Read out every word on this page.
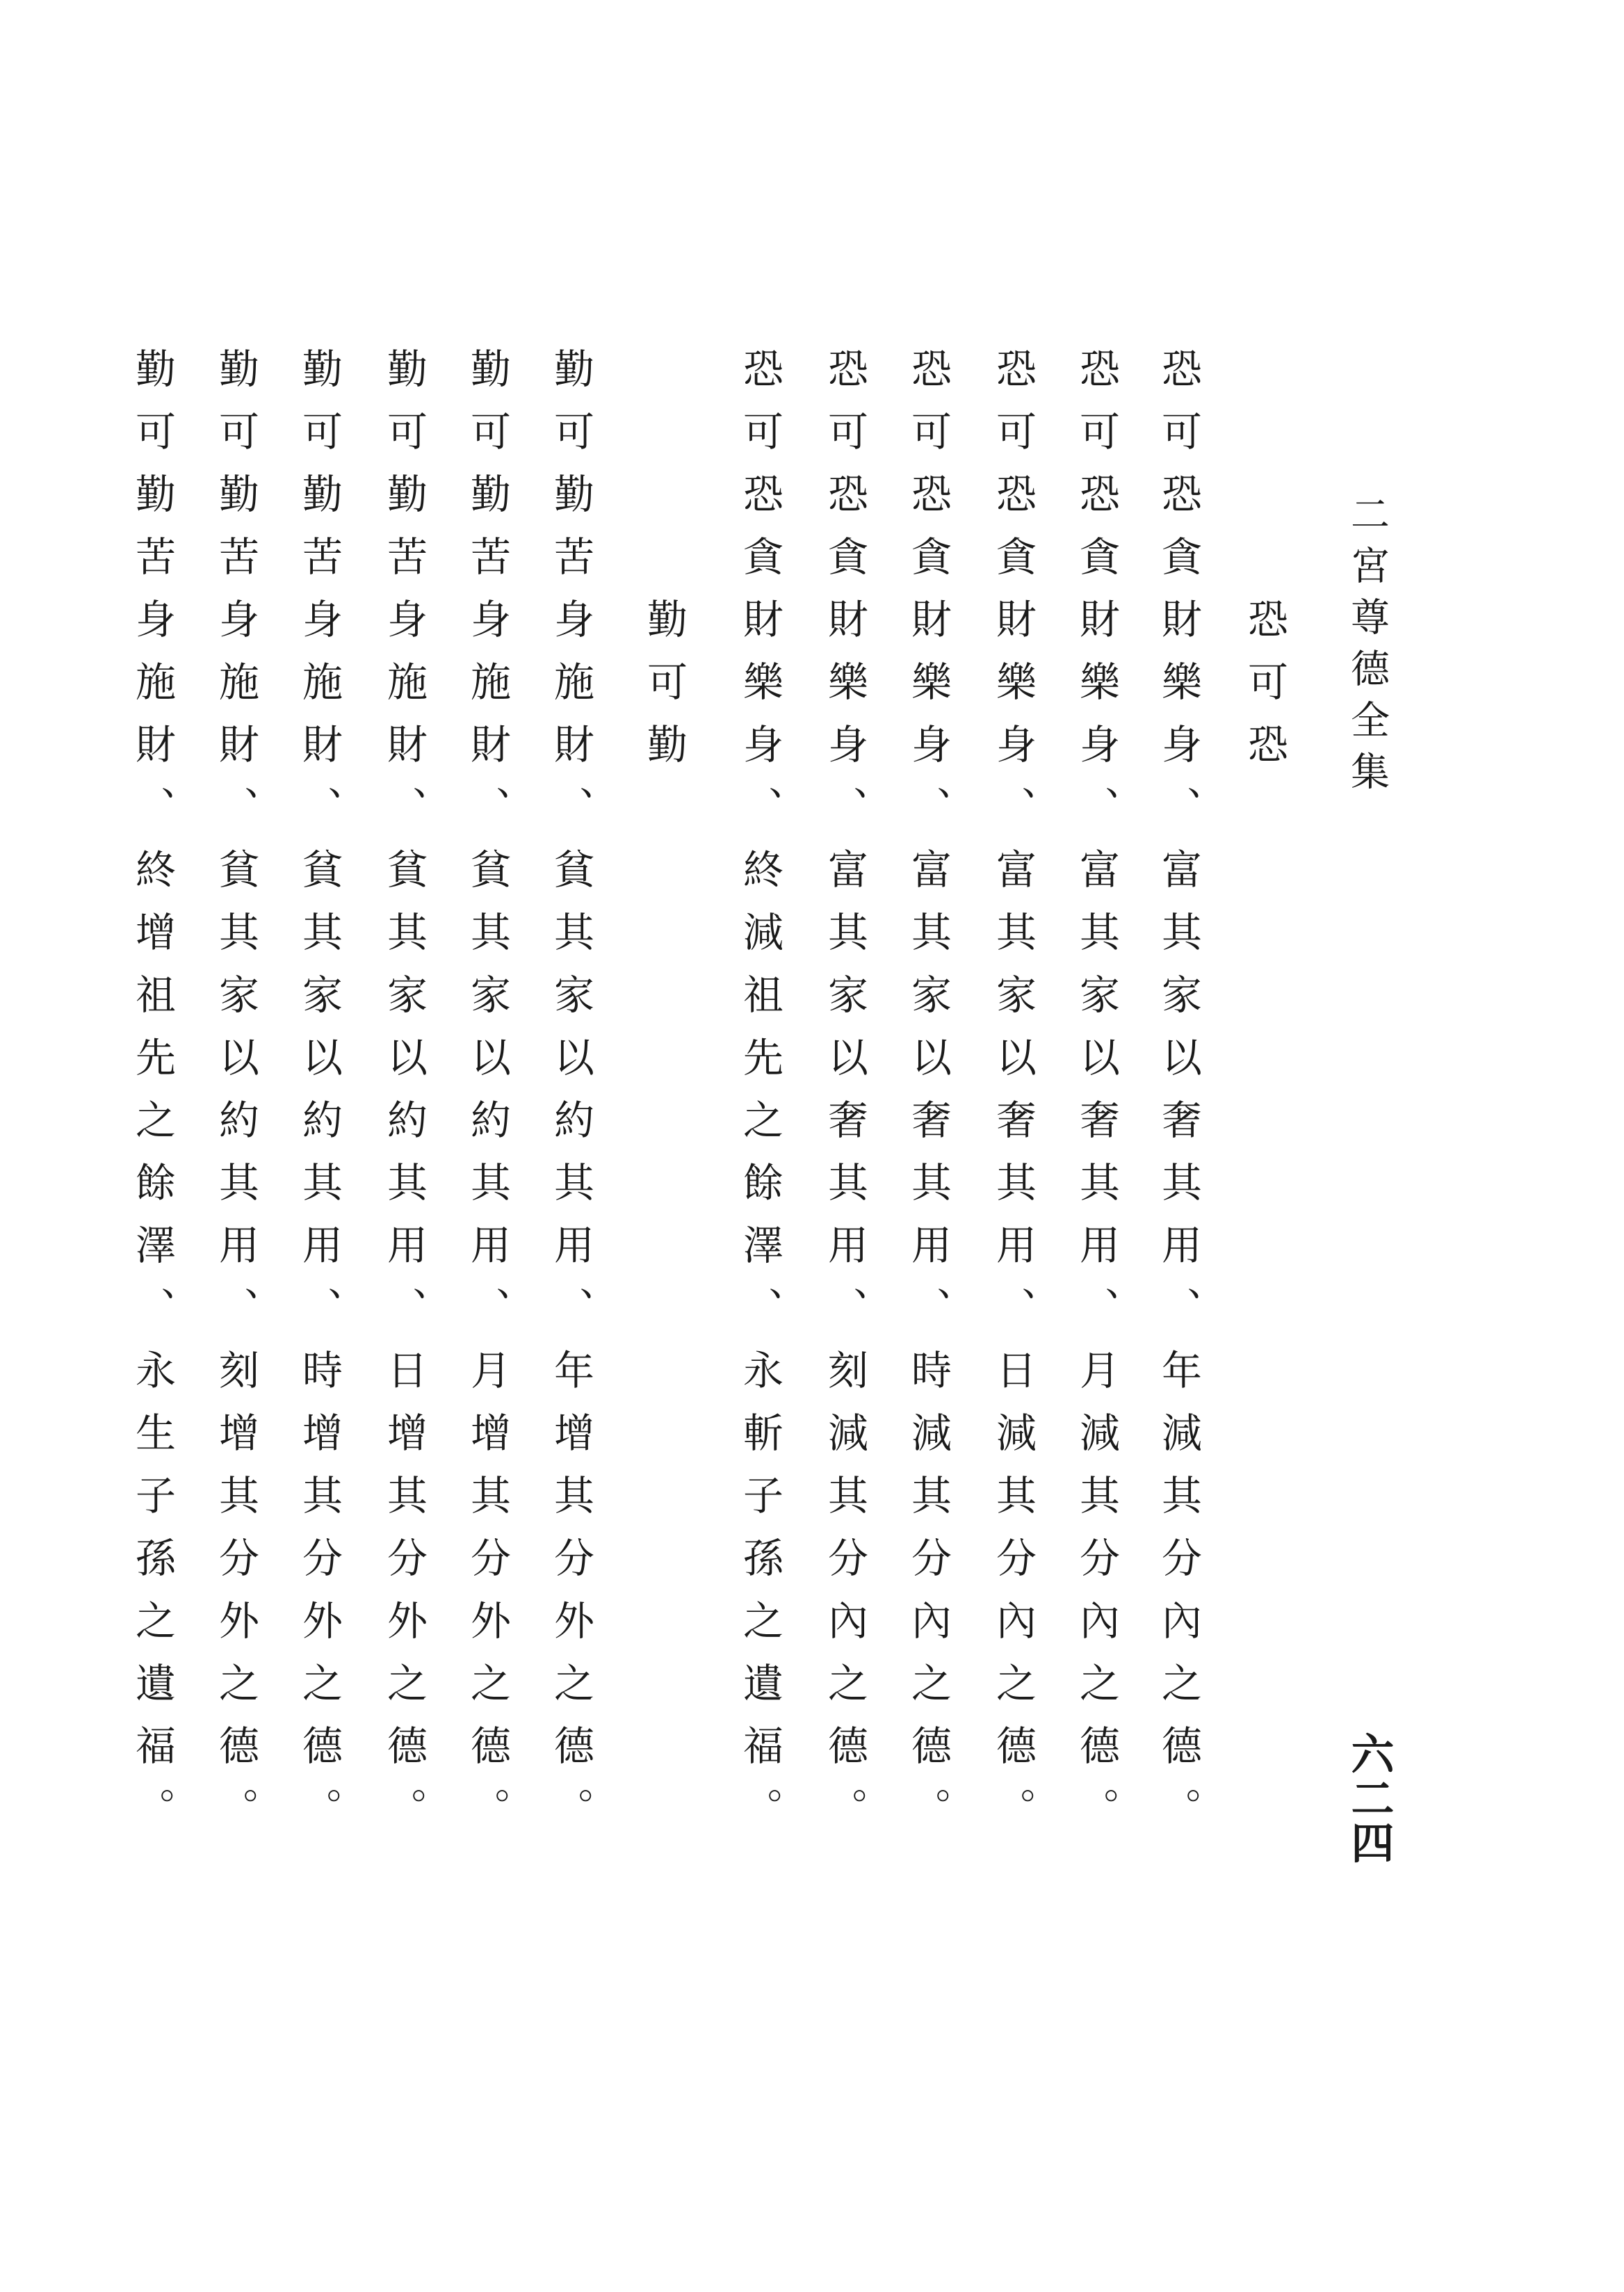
二宮尊德全集
六二四
恐可恐
恐可恐貪財樂身、富其家以奢其用、年減其分內之德。
恐可恐貪財樂身、富其家以奢其用、月減其分內之德。
恐可恐貪財樂身、富其家以奢其用、日減其分內之德。
恐可恐貪財樂身、富其家以奢其用、時減其分內之德。
恐可恐貪財樂身、富其家以奢其用、刻減其分內之德。
恐可恐貪財樂身、終減祖先之餘澤、永斬子孫之遺福。
勤可勤
勤可勤苦身施財、貧其家以約其用、年增其分外之德。
勤可勤苦身施財、貧其家以約其用、月增其分外之德。
勤可勤苦身施財、貧其家以約其用、日增其分外之德。
勤可勤苦身施財、貧其家以約其用、時增其分外之德。
勤可勤苦身施財、貧其家以約其用、刻增其分外之德。
勤可勤苦身施財、終增祖先之餘澤、永生子孫之遺福。
